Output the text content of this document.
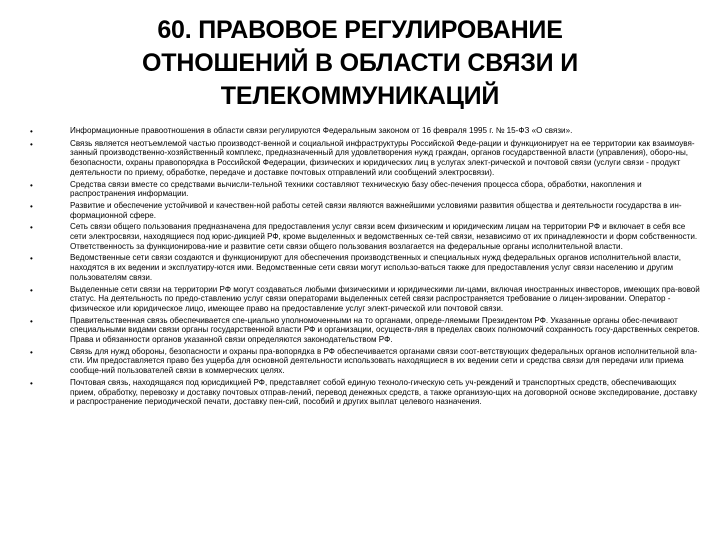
60. ПРАВОВОЕ РЕГУЛИРОВАНИЕ
ОТНОШЕНИЙ В ОБЛАСТИ СВЯЗИ И
ТЕЛЕКОММУНИКАЦИЙ
•	Информационные правоотношения в области связи регулируются Федеральным законом от 16 февраля 1995 г. № 15-ФЗ «О связи».
•	Связь является неотъемлемой частью производст-венной и социальной инфраструктуры Российской Феде-рации и функционирует на ее территории как взаимоувя-занный производственно-хозяйственный комплекс, предназначенный для удовлетворения нужд граждан, органов государственной власти (управления), оборо-ны, безопасности, охраны правопорядка в Российской Федерации, физических и юридических лиц в услугах элект-рической и почтовой связи (услуги связи - продукт деятельности по приему, обработке, передаче и доставке почтовых отправлений или сообщений электросвязи).
•	Средства связи вместе со средствами вычисли-тельной техники составляют техническую базу обес-печения процесса сбора, обработки, накопления и распространения информации.
•	Развитие и обеспечение устойчивой и качествен-ной работы сетей связи являются важнейшими условиями развития общества и деятельности государства в ин-формационной сфере.
•	Сеть связи общего пользования предназначена для предоставления услуг связи всем физическим и юридическим лицам на территории РФ и включает в себя все сети электросвязи, находящиеся под юрис-дикцией РФ, кроме выделенных и ведомственных се-тей связи, независимо от их принадлежности и форм собственности. Ответственность за функционирова-ние и развитие сети связи общего пользования возлагается на федеральные органы исполнительной власти.
•	Ведомственные сети связи создаются и функционируют для обеспечения производственных и специальных нужд федеральных органов исполнительной власти, находятся в их ведении и эксплуатиру-ются ими. Ведомственные сети связи могут использо-ваться также для предоставления услуг связи населению и другим пользователям связи.
•	Выделенные сети связи на территории РФ могут создаваться любыми физическими и юридическими ли-цами, включая иностранных инвесторов, имеющих пра-вовой статус. На деятельность по предо-ставлению услуг связи операторами выделенных сетей связи распространяется требование о лицен-зировании. Оператор - физическое или юридическое лицо, имеющее право на предоставление услуг элект-рической или почтовой связи.
•	Правительственная связь обеспечивается спе-циально уполномоченными на то органами, опреде-ляемыми Президентом РФ. Указанные органы обес-печивают специальными видами связи органы государственной власти РФ и организации, осуществ-ляя в пределах своих полномочий сохранность госу-дарственных секретов. Права и обязанности органов указанной связи определяются законодательством РФ.
•	Связь для нужд обороны, безопасности и охраны пра-вопорядка в РФ обеспечивается органами связи соот-ветствующих федеральных органов исполнительной вла-сти. Им предоставляется право без ущерба для основной деятельности использовать находящиеся в их ведении сети и средства связи для передачи или приема сообще-ний пользователей связи в коммерческих целях.
•	Почтовая связь, находящаяся под юрисдикцией РФ, представляет собой единую техноло-гическую сеть уч-реждений и транспортных средств, обеспечивающих прием, обработку, перевозку и доставку почтовых отправ-лений, перевод денежных средств, а также организую-щих на договорной основе экспедирование, доставку и распространение периодической печати, доставку пен-сий, пособий и других выплат целевого назначения.
